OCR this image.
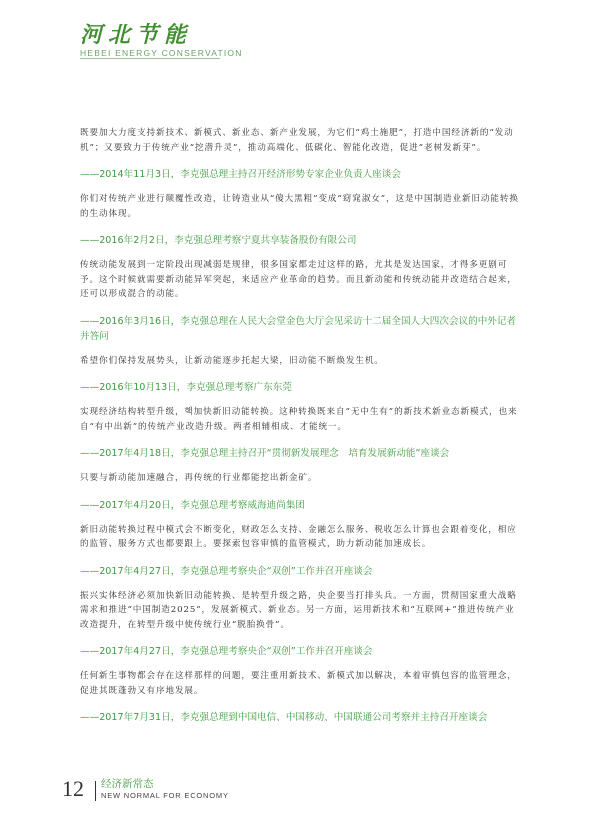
河北节能
HEBEI ENERGY CONSERVATION

既要加大力度支持新技术、新模式、新业态、新产业发展，为它们“鸡土施肥”，打造中国经济新的“发动机”；又要致力于传统产业“挖潜升灵”，推动高端化、低碳化、智能化改造，促进“老树发新芽”。

——2014年11月3日，李克强总理主持召开经济形势专家企业负责人座谈会

你们对传统产业进行颠覆性改造，让铸造业从“傻大黑粗”变成“窈窕淑女”，这是中国制造业新旧动能转换的生动体现。

——2016年2月2日，李克强总理考察宁夏共享装备股份有限公司

传统动能发展到一定阶段出现减弱是规律，很多国家都走过这样的路，尤其是发达国家，才得多更剧可予。这个时候就需要新动能异军突起，来适应产业革命的趋势。而且新动能和传统动能并改造结合起来，还可以形成混合的动能。

——2016年3月16日，李克强总理在人民大会堂金色大厅会见采访十二届全国人大四次会议的中外记者并答问

希望你们保持发展势头，让新动能逐步托起大梁，旧动能不断焕发生机。

——2016年10月13日，李克强总理考察广东东莞

实现经济结构转型升级，핵加快新旧动能转换。这种转换既来自“无中生有”的新技术新业态新模式，也来自“有中出新”的传统产业改造升级。两者相辅相成、才能统一。

——2017年4月18日，李克强总理主持召开“贯彻新发展理念　培育发展新动能”座谈会

只要与新动能加速融合，再传统的行业都能挖出新金矿。

——2017年4月20日，李克强总理考察威海迪尚集团

新旧动能转换过程中模式会不断变化，财政怎么支持、金融怎么服务、税收怎么计算也会跟着变化，相应的监管、服务方式也都要跟上。要探索包容审慎的监管模式，助力新动能加速成长。

——2017年4月27日，李克强总理考察央企“双创”工作并召开座谈会

振兴实体经济必须加快新旧动能转换、是转型升级之路，央企要当打排头兵。一方面，贯彻国家重大战略需求和推进“中国制造2025”，发展新模式、新业态。另一方面，运用新技术和“互联网+”推进传统产业改造提升，在转型升级中使传统行业“脱胎换骨”。

——2017年4月27日，李克强总理考察央企“双创”工作并召开座谈会

任何新生事物都会存在这样那样的问题，要注重用新技术、新模式加以解决，本着审慎包容的监管理念，促进其既蓬勃又有序地发展。

——2017年7月31日，李克强总理到中国电信、中国移动、中国联通公司考察并主持召开座谈会

12 经济新常态
NEW NORMAL FOR ECONOMY
